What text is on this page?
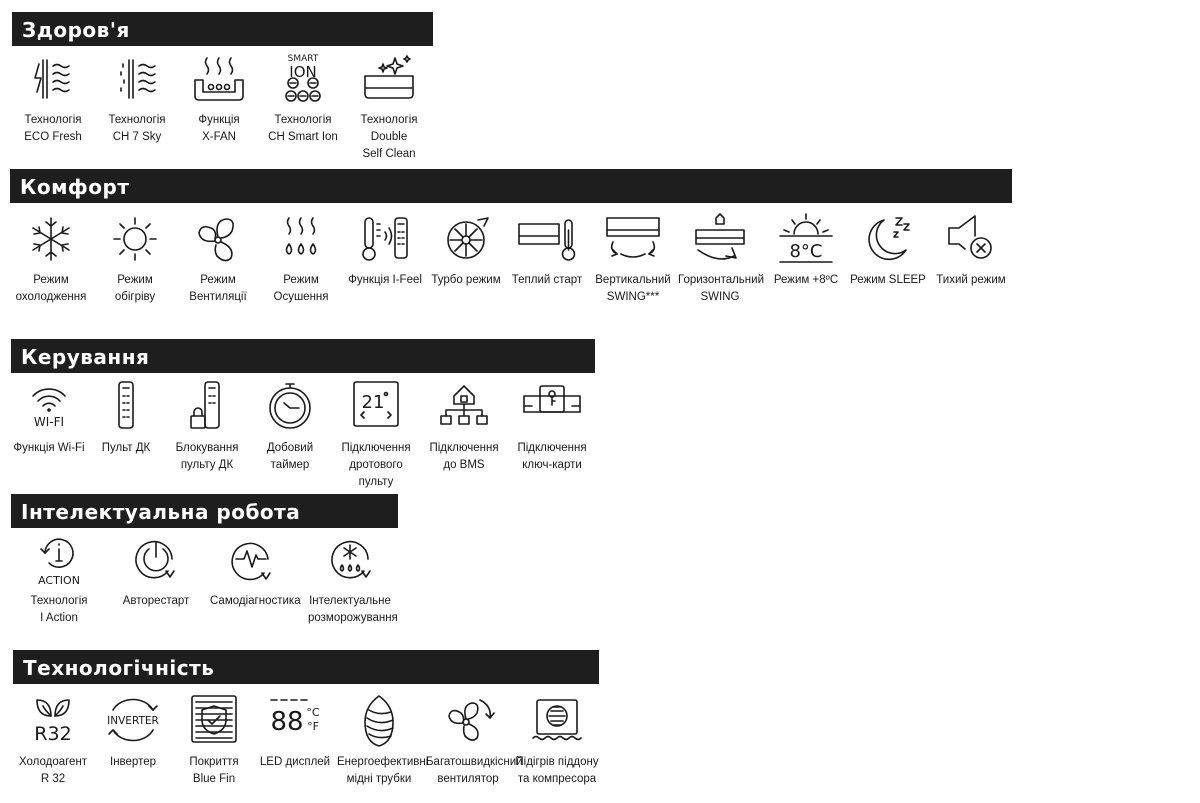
Здоров'я
Технологія
ECO Fresh
Технологія
CH 7 Sky
Функція
X-FAN
SMART
ION
Технологія
CH Smart Ion
Технологія Double
Self Clean
Комфорт
Режим
охолодження
Режим
обігріву
Режим
Вентиляції
Режим
Осушення
Функція I-Feel Турбо режим Теплий старт	Вертикальний
SWING***
Горизонтальний
SWING
8°C
Режим +8ºС	Режим SLEEP Тихий режим
Керування
WI-FI
Функція Wi-Fi	Пульт ДК	Блокування
пульту ДК
Добовий
таймер
21
Підключення
дротового пульту
Підключення
до BMS
Підключення
ключ-карти
Інтелектуальна робота
ACTION
Технологія
I Action
Авторестарт	Самодіагностика Інтелектуальне
розморожування
Технологічність
R32
Холодоагент
R 32
INVERTER
Інвертер	Покриття
Blue Fin
88 °C
°F
LED дисплей Енергоефективні
мідні трубки
Багатошвидкісний
вентилятор
Підігрів піддону
та компресора
